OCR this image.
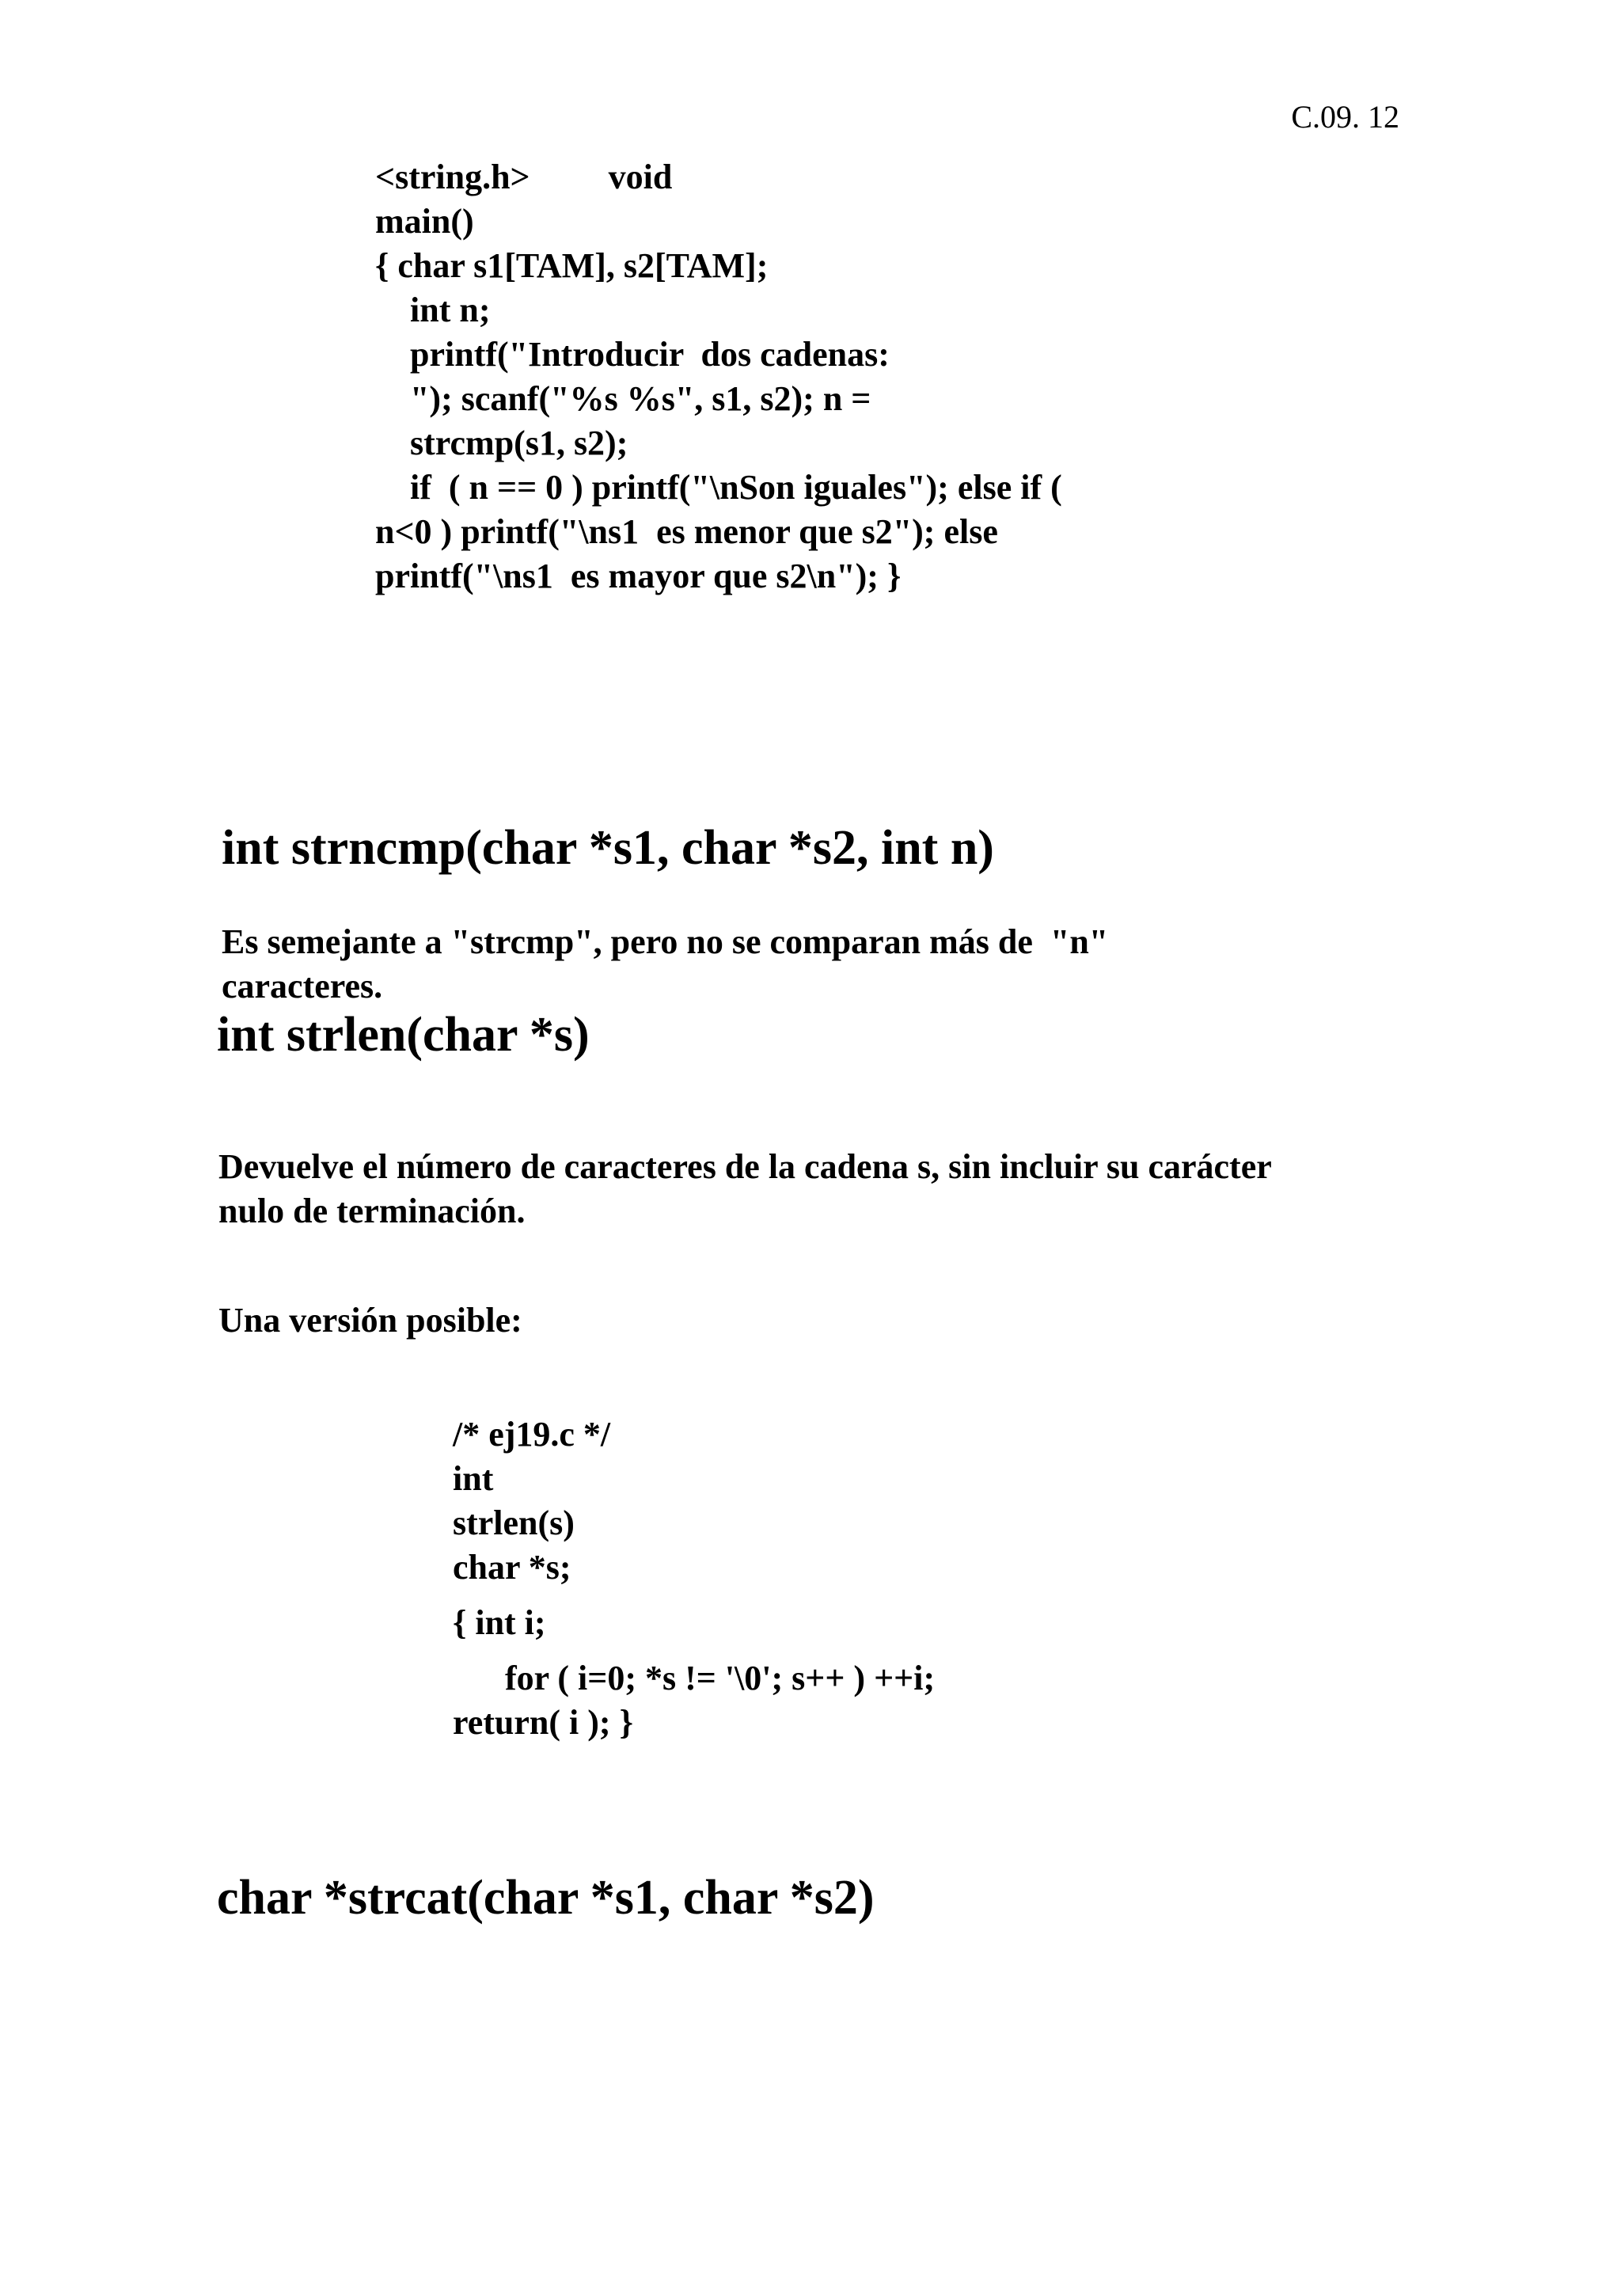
C.09. 12
<string.h>         void
main()
{ char s1[TAM], s2[TAM];
int n;
printf("Introducir  dos cadenas:
"); scanf("%s %s", s1, s2); n =
strcmp(s1, s2);
if  ( n == 0 ) printf("\nSon iguales"); else if (
n<0 ) printf("\ns1  es menor que s2"); else
printf("\ns1  es mayor que s2\n"); }
int strncmp(char *s1, char *s2, int n)
Es semejante a "strcmp", pero no se comparan más de  "n"
caracteres.
int strlen(char *s)
Devuelve el número de caracteres de la cadena s, sin incluir su carácter
nulo de terminación.
Una versión posible:
/* ej19.c */
int
strlen(s)
char *s;
{ int i;
for ( i=0; *s != '\0'; s++ ) ++i;
return( i ); }
char *strcat(char *s1, char *s2)
